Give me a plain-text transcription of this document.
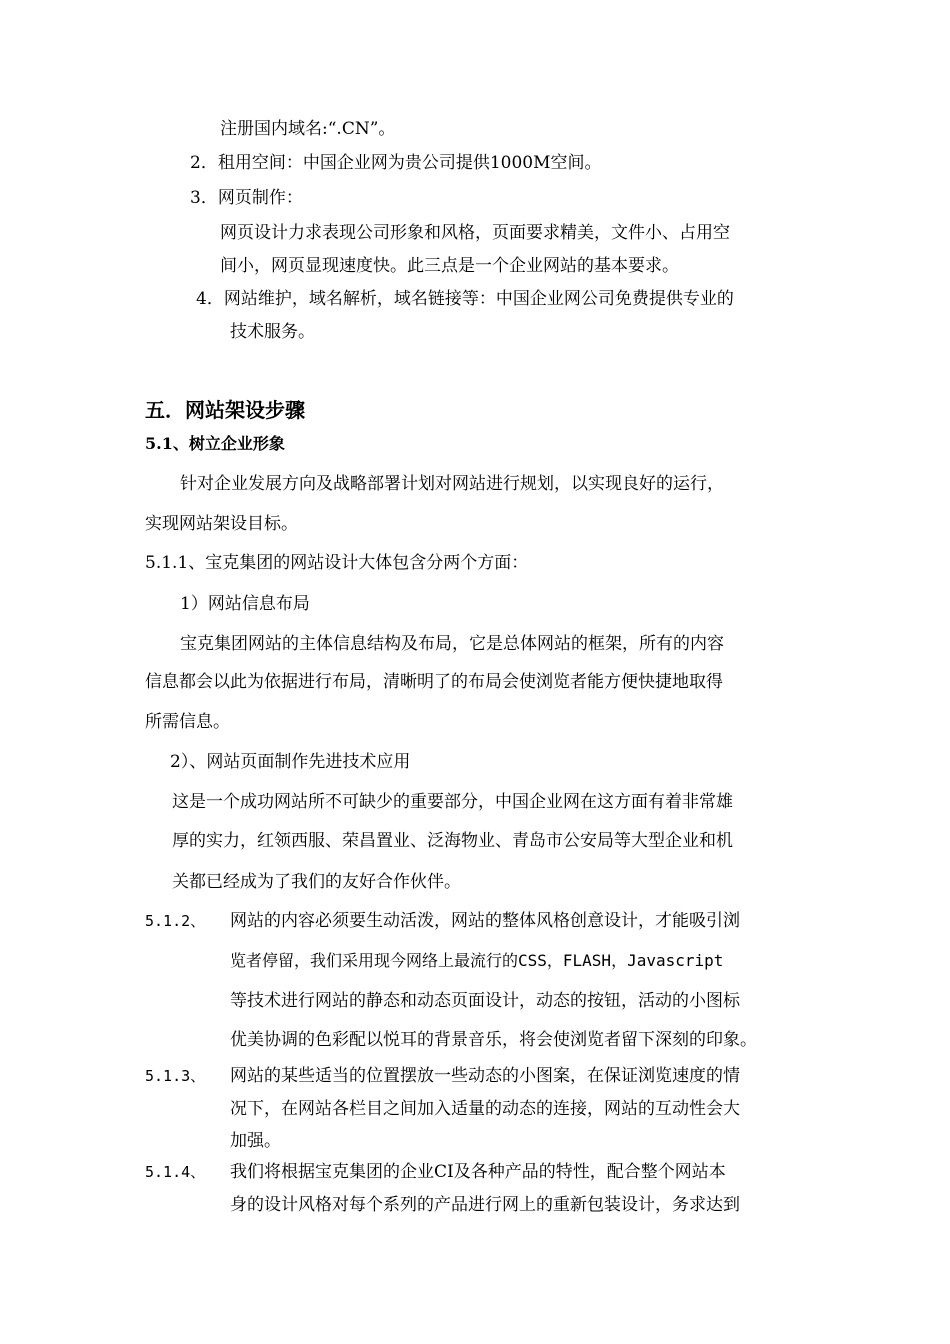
注册国内域名:“.CN”。
2．租用空间：中国企业网为贵公司提供1000M空间。
3．网页制作：
网页设计力求表现公司形象和风格，页面要求精美，文件小、占用空
间小，网页显现速度快。此三点是一个企业网站的基本要求。
4．网站维护，域名解析，域名链接等：中国企业网公司免费提供专业的
技术服务。
五．网站架设步骤
5.1、树立企业形象
针对企业发展方向及战略部署计划对网站进行规划，以实现良好的运行，
实现网站架设目标。
5.1.1、宝克集团的网站设计大体包含分两个方面：
1）网站信息布局
宝克集团网站的主体信息结构及布局，它是总体网站的框架，所有的内容
信息都会以此为依据进行布局，清晰明了的布局会使浏览者能方便快捷地取得
所需信息。
2）、网站页面制作先进技术应用
这是一个成功网站所不可缺少的重要部分，中国企业网在这方面有着非常雄
厚的实力，红领西服、荣昌置业、泛海物业、青岛市公安局等大型企业和机
关都已经成为了我们的友好合作伙伴。
5.1.2、 网站的内容必须要生动活泼，网站的整体风格创意设计，才能吸引浏
览者停留，我们采用现今网络上最流行的CSS，FLASH，Javascript
等技术进行网站的静态和动态页面设计，动态的按钮，活动的小图标
优美协调的色彩配以悦耳的背景音乐，将会使浏览者留下深刻的印象。
5.1.3、 网站的某些适当的位置摆放一些动态的小图案，在保证浏览速度的情
况下，在网站各栏目之间加入适量的动态的连接，网站的互动性会大
加强。
5.1.4、 我们将根据宝克集团的企业CI及各种产品的特性，配合整个网站本
身的设计风格对每个系列的产品进行网上的重新包装设计，务求达到
